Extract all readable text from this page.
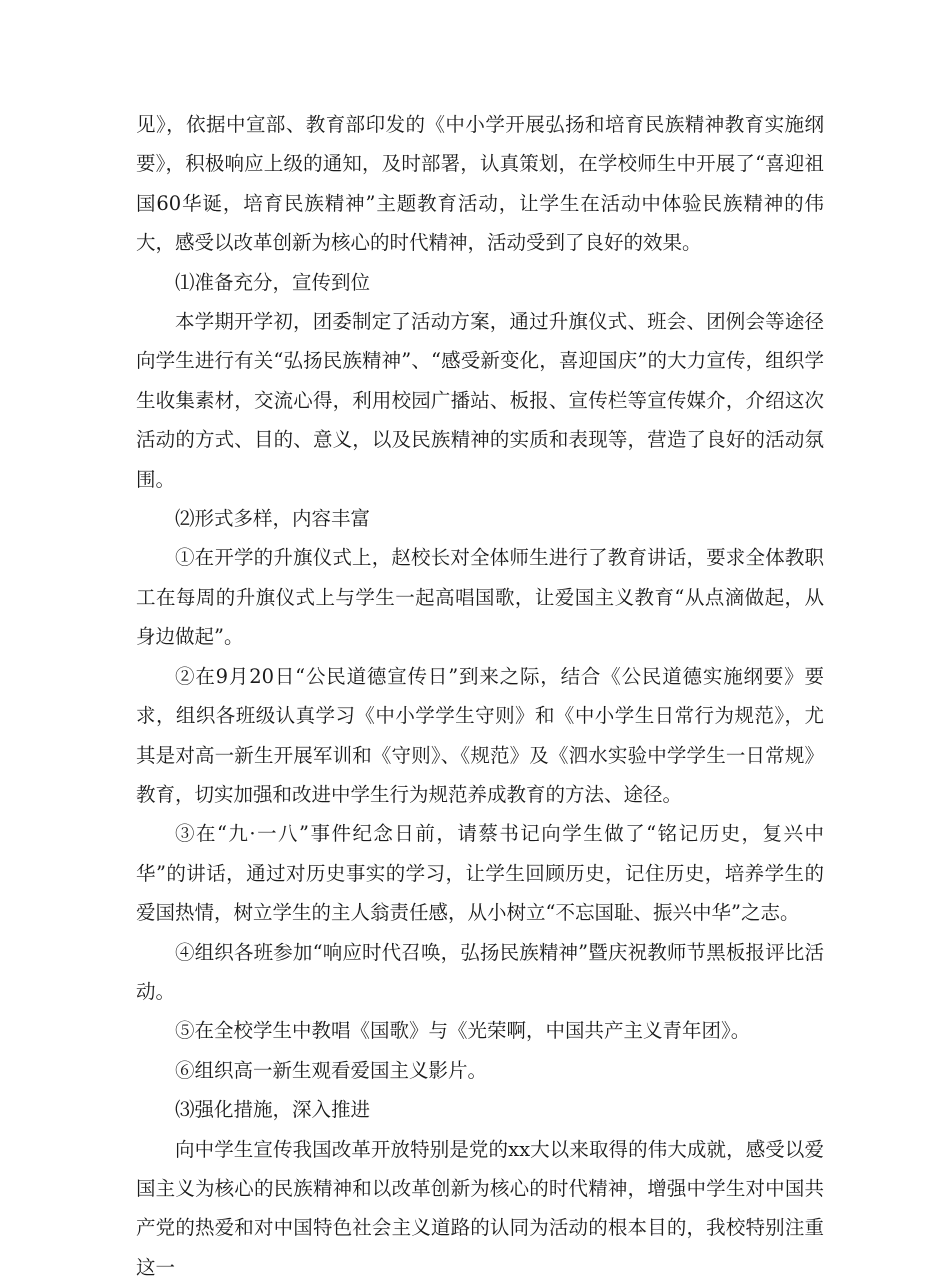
见》，依据中宣部、教育部印发的《中小学开展弘扬和培育民族精神教育实施纲要》，积极响应上级的通知，及时部署，认真策划，在学校师生中开展了“喜迎祖国60华诞，培育民族精神”主题教育活动，让学生在活动中体验民族精神的伟大，感受以改革创新为核心的时代精神，活动受到了良好的效果。

⑴准备充分，宣传到位

本学期开学初，团委制定了活动方案，通过升旗仪式、班会、团例会等途径向学生进行有关“弘扬民族精神”、“感受新变化，喜迎国庆”的大力宣传，组织学生收集素材，交流心得，利用校园广播站、板报、宣传栏等宣传媒介，介绍这次活动的方式、目的、意义，以及民族精神的实质和表现等，营造了良好的活动氛围。

⑵形式多样，内容丰富

①在开学的升旗仪式上，赵校长对全体师生进行了教育讲话，要求全体教职工在每周的升旗仪式上与学生一起高唱国歌，让爱国主义教育“从点滴做起，从身边做起”。

②在9月20日“公民道德宣传日”到来之际，结合《公民道德实施纲要》要求，组织各班级认真学习《中小学学生守则》和《中小学生日常行为规范》，尤其是对高一新生开展军训和《守则》、《规范》及《泗水实验中学学生一日常规》教育，切实加强和改进中学生行为规范养成教育的方法、途径。

③在“九·一八”事件纪念日前，请蔡书记向学生做了“铭记历史，复兴中华”的讲话，通过对历史事实的学习，让学生回顾历史，记住历史，培养学生的爱国热情，树立学生的主人翁责任感，从小树立“不忘国耻、振兴中华”之志。

④组织各班参加“响应时代召唤，弘扬民族精神”暨庆祝教师节黑板报评比活动。

⑤在全校学生中教唱《国歌》与《光荣啊，中国共产主义青年团》。

⑥组织高一新生观看爱国主义影片。

⑶强化措施，深入推进

向中学生宣传我国改革开放特别是党的xx大以来取得的伟大成就，感受以爱国主义为核心的民族精神和以改革创新为核心的时代精神，增强中学生对中国共产党的热爱和对中国特色社会主义道路的认同为活动的根本目的，我校特别注重这一
